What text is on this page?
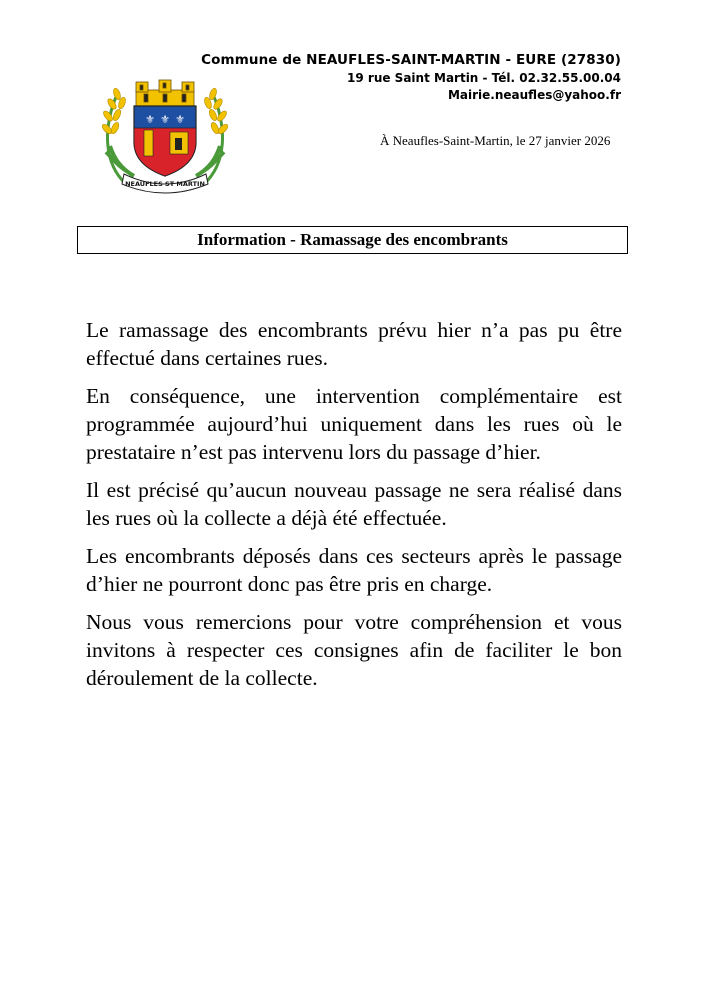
Commune de NEAUFLES-SAINT-MARTIN - EURE (27830)
19 rue Saint Martin - Tél. 02.32.55.00.04
Mairie.neaufles@yahoo.fr
⚜ ⚜ ⚜
NEAUFLES ST MARTIN
À Neaufles-Saint-Martin, le 27 janvier 2026
Information - Ramassage des encombrants

Le ramassage des encombrants prévu hier n’a pas pu être effectué dans certaines rues.

En conséquence, une intervention complémentaire est programmée aujourd’hui uniquement dans les rues où le prestataire n’est pas intervenu lors du passage d’hier.

Il est précisé qu’aucun nouveau passage ne sera réalisé dans les rues où la collecte a déjà été effectuée.

Les encombrants déposés dans ces secteurs après le passage d’hier ne pourront donc pas être pris en charge.

Nous vous remercions pour votre compréhension et vous invitons à respecter ces consignes afin de faciliter le bon déroulement de la collecte.
